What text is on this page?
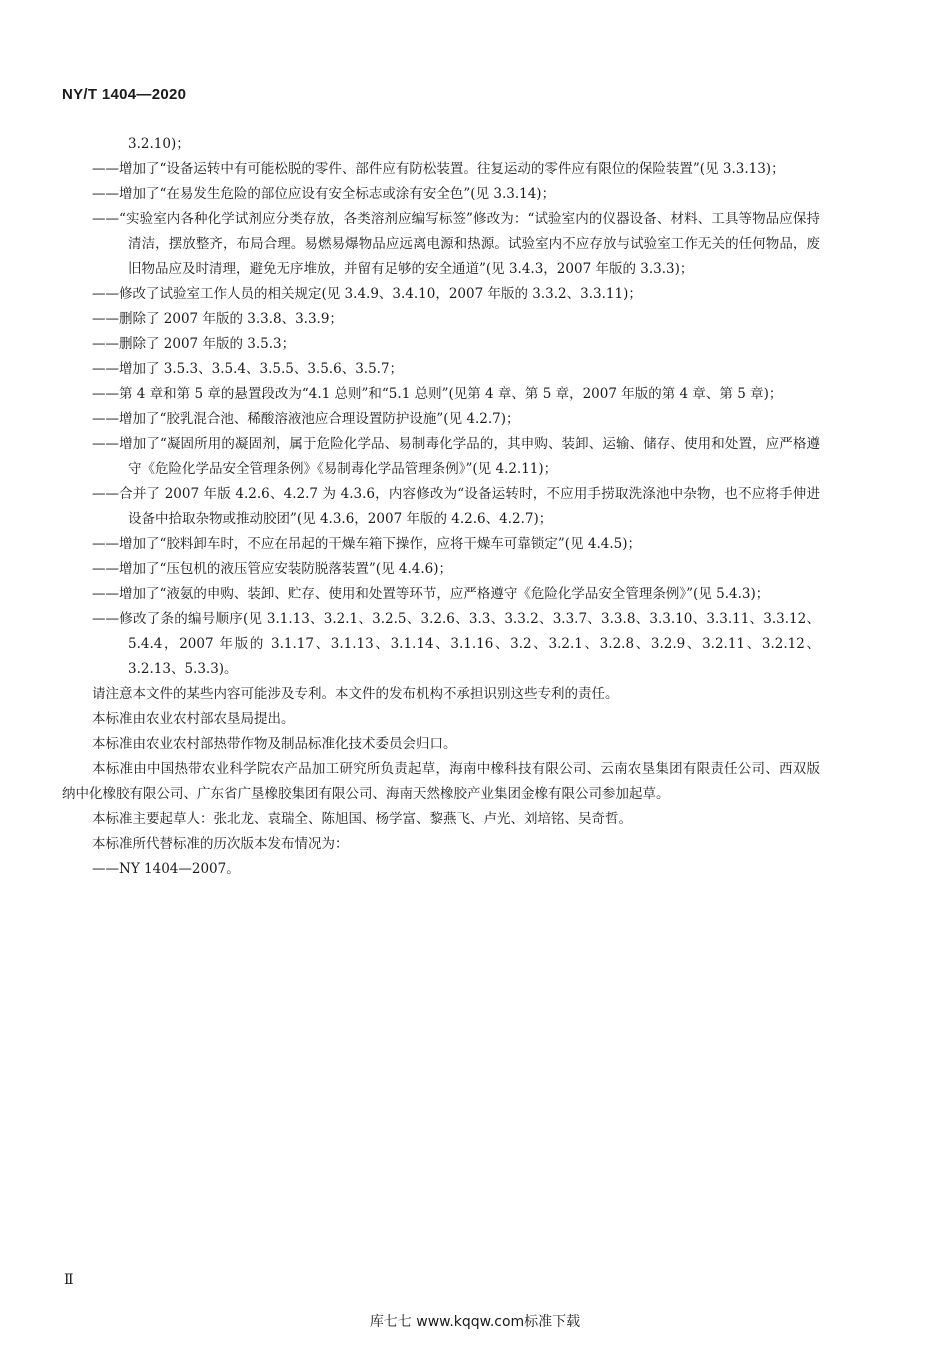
NY/T 1404—2020

3.2.10)；

——增加了“设备运转中有可能松脱的零件、部件应有防松装置。往复运动的零件应有限位的保险装置”(见 3.3.13)；

——增加了“在易发生危险的部位应设有安全标志或涂有安全色”(见 3.3.14)；

——“实验室内各种化学试剂应分类存放，各类溶剂应编写标签”修改为：“试验室内的仪器设备、材料、工具等物品应保持清洁，摆放整齐，布局合理。易燃易爆物品应远离电源和热源。试验室内不应存放与试验室工作无关的任何物品，废旧物品应及时清理，避免无序堆放，并留有足够的安全通道”(见 3.4.3，2007 年版的 3.3.3)；

——修改了试验室工作人员的相关规定(见 3.4.9、3.4.10，2007 年版的 3.3.2、3.3.11)；

——删除了 2007 年版的 3.3.8、3.3.9；

——删除了 2007 年版的 3.5.3；

——增加了 3.5.3、3.5.4、3.5.5、3.5.6、3.5.7；

——第 4 章和第 5 章的悬置段改为“4.1 总则”和“5.1 总则”(见第 4 章、第 5 章，2007 年版的第 4 章、第 5 章)；

——增加了“胶乳混合池、稀酸溶液池应合理设置防护设施”(见 4.2.7)；

——增加了“凝固所用的凝固剂，属于危险化学品、易制毒化学品的，其申购、装卸、运输、储存、使用和处置，应严格遵守《危险化学品安全管理条例》《易制毒化学品管理条例》”(见 4.2.11)；

——合并了 2007 年版 4.2.6、4.2.7 为 4.3.6，内容修改为“设备运转时，不应用手捞取洗涤池中杂物，也不应将手伸进设备中拾取杂物或推动胶团”(见 4.3.6，2007 年版的 4.2.6、4.2.7)；

——增加了“胶料卸车时，不应在吊起的干燥车箱下操作，应将干燥车可靠锁定”(见 4.4.5)；

——增加了“压包机的液压管应安装防脱落装置”(见 4.4.6)；

——增加了“液氨的申购、装卸、贮存、使用和处置等环节，应严格遵守《危险化学品安全管理条例》”(见 5.4.3)；

——修改了条的编号顺序(见 3.1.13、3.2.1、3.2.5、3.2.6、3.3、3.3.2、3.3.7、3.3.8、3.3.10、3.3.11、3.3.12、5.4.4，2007 年版的 3.1.17、3.1.13、3.1.14、3.1.16、3.2、3.2.1、3.2.8、3.2.9、3.2.11、3.2.12、3.2.13、5.3.3)。

请注意本文件的某些内容可能涉及专利。本文件的发布机构不承担识别这些专利的责任。

本标准由农业农村部农垦局提出。

本标准由农业农村部热带作物及制品标准化技术委员会归口。

本标准由中国热带农业科学院农产品加工研究所负责起草，海南中橡科技有限公司、云南农垦集团有限责任公司、西双版纳中化橡胶有限公司、广东省广垦橡胶集团有限公司、海南天然橡胶产业集团金橡有限公司参加起草。

本标准主要起草人：张北龙、袁瑞全、陈旭国、杨学富、黎燕飞、卢光、刘培铭、吴奇哲。

本标准所代替标准的历次版本发布情况为：

——NY 1404—2007。

Ⅱ
库七七 www.kqqw.com标准下载
